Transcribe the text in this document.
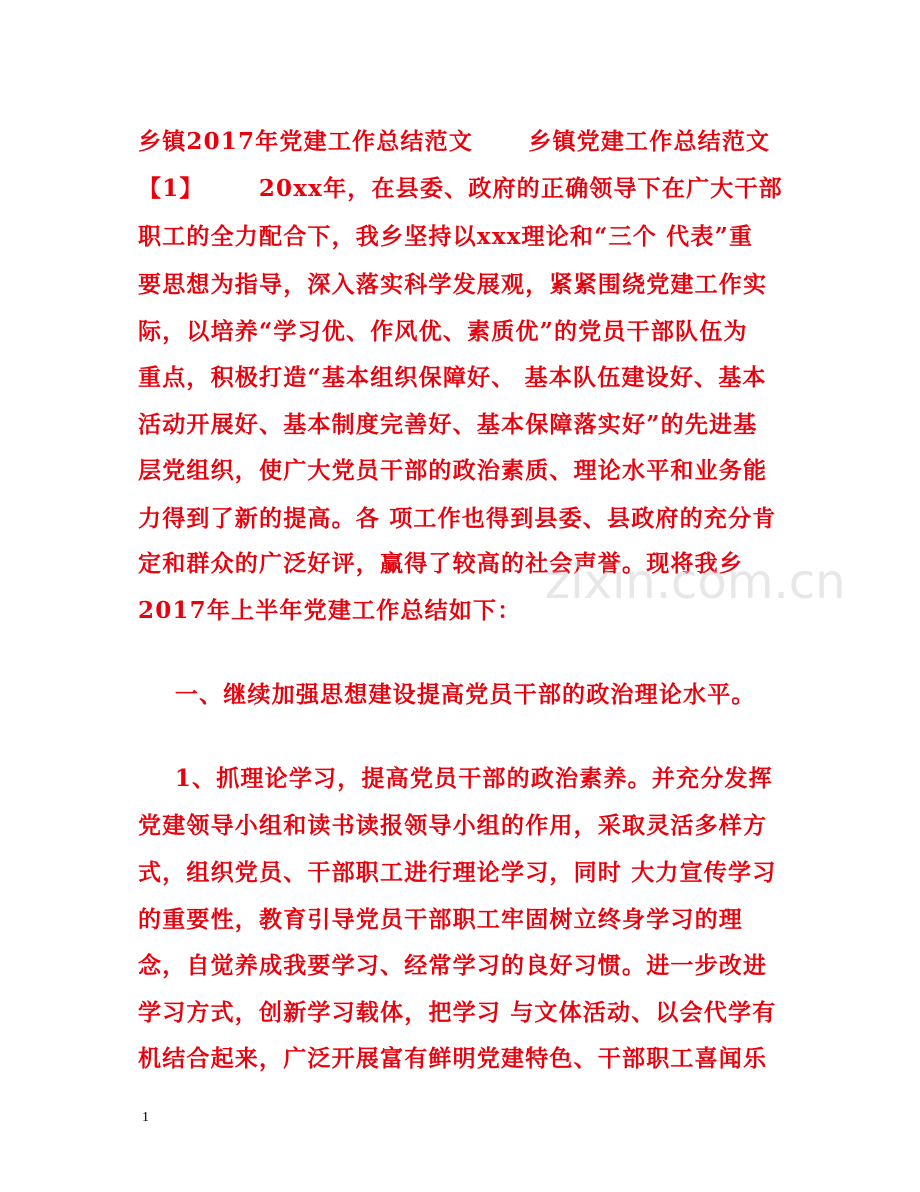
乡镇2017年党建工作总结范文      乡镇党建工作总结范文
【1】      20xx年，在县委、政府的正确领导下在广大干部
职工的全力配合下，我乡坚持以xxx理论和“三个 代表”重
要思想为指导，深入落实科学发展观，紧紧围绕党建工作实
际，以培养“学习优、作风优、素质优”的党员干部队伍为
重点，积极打造“基本组织保障好、 基本队伍建设好、基本
活动开展好、基本制度完善好、基本保障落实好”的先进基
层党组织，使广大党员干部的政治素质、理论水平和业务能
力得到了新的提高。各 项工作也得到县委、县政府的充分肯
定和群众的广泛好评，赢得了较高的社会声誉。现将我乡
2017年上半年党建工作总结如下：
一、继续加强思想建设提高党员干部的政治理论水平。
1、抓理论学习，提高党员干部的政治素养。并充分发挥
党建领导小组和读书读报领导小组的作用，采取灵活多样方
式，组织党员、干部职工进行理论学习，同时 大力宣传学习
的重要性，教育引导党员干部职工牢固树立终身学习的理
念，自觉养成我要学习、经常学习的良好习惯。进一步改进
学习方式，创新学习载体，把学习 与文体活动、以会代学有
机结合起来，广泛开展富有鲜明党建特色、干部职工喜闻乐
zixin.com.cn
1
